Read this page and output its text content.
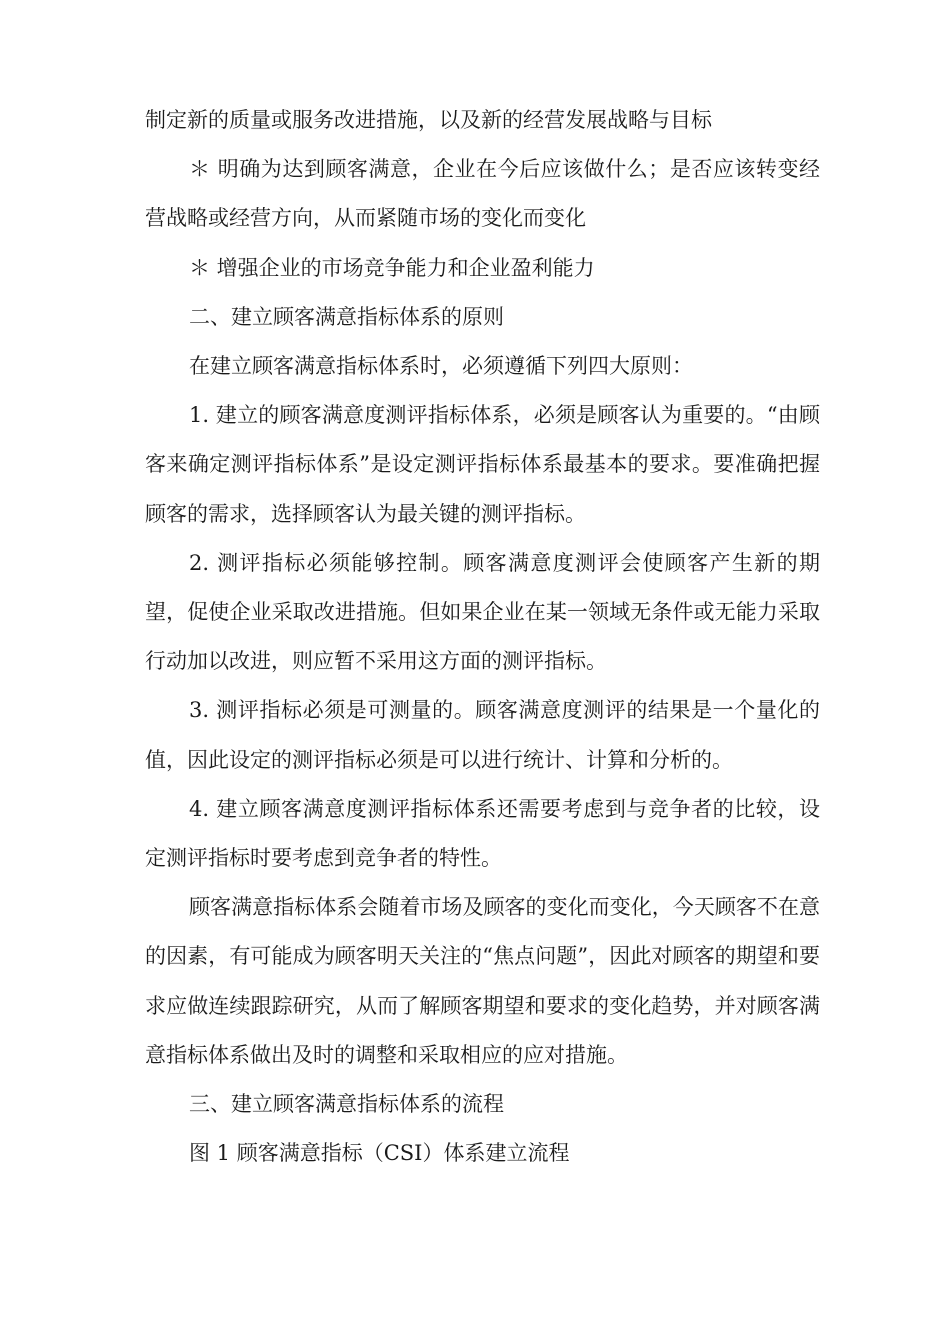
制定新的质量或服务改进措施，以及新的经营发展战略与目标

＊ 明确为达到顾客满意，企业在今后应该做什么；是否应该转变经营战略或经营方向，从而紧随市场的变化而变化

＊ 增强企业的市场竞争能力和企业盈利能力

二、建立顾客满意指标体系的原则

在建立顾客满意指标体系时，必须遵循下列四大原则：

1. 建立的顾客满意度测评指标体系，必须是顾客认为重要的。“由顾客来确定测评指标体系”是设定测评指标体系最基本的要求。要准确把握顾客的需求，选择顾客认为最关键的测评指标。

2. 测评指标必须能够控制。顾客满意度测评会使顾客产生新的期望，促使企业采取改进措施。但如果企业在某一领域无条件或无能力采取行动加以改进，则应暂不采用这方面的测评指标。

3. 测评指标必须是可测量的。顾客满意度测评的结果是一个量化的值，因此设定的测评指标必须是可以进行统计、计算和分析的。

4. 建立顾客满意度测评指标体系还需要考虑到与竞争者的比较，设定测评指标时要考虑到竞争者的特性。

顾客满意指标体系会随着市场及顾客的变化而变化，今天顾客不在意的因素，有可能成为顾客明天关注的“焦点问题”，因此对顾客的期望和要求应做连续跟踪研究，从而了解顾客期望和要求的变化趋势，并对顾客满意指标体系做出及时的调整和采取相应的应对措施。

三、建立顾客满意指标体系的流程

图 1 顾客满意指标（CSI）体系建立流程
